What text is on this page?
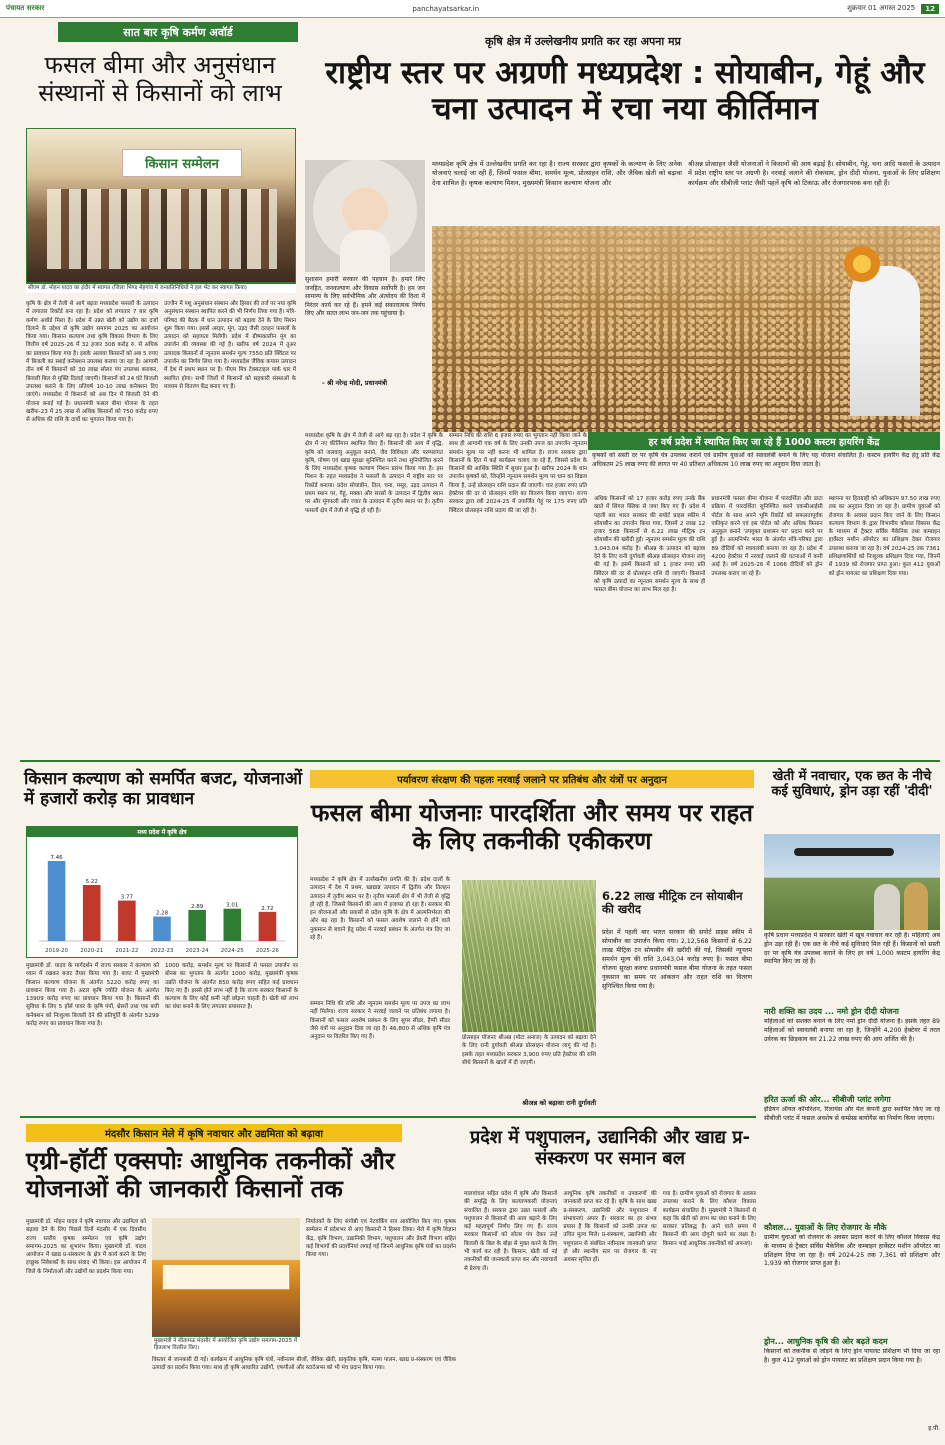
पंचायत सरकार	panchayatsarkar.in	शुक्रवार 01 अगस्त 2025	12
सात बार कृषि कर्मण अवॉर्ड
फसल बीमा और अनुसंधान संस्थानों से किसानों को लाभ
किसान सम्मेलन
सीएम डॉ. मोहन यादव का इंदौर में स्वागत (जिला भिण्ड मेहगांव में जनप्रतिनिधियों ने हल भेंट कर स्वागत किया)
कृषि के क्षेत्र में तेजी से आगे बढ़ता मध्यप्रदेश फसलों के उत्पादन में लगातार रिकॉर्ड बना रहा है। प्रदेश को लगातार 7 बार कृषि कर्मण अवॉर्ड मिला है। प्रदेश में उन्नत खेती को उद्योग का दर्जा दिलाने के उद्देश्य से कृषि उद्योग समागम 2025 का आयोजन किया गया। किसान कल्याण तथा कृषि विकास विभाग के लिए वित्तीय वर्ष 2025-26 में 32 हजार 308 करोड़ रु. से अधिक का प्रावधान किया गया है। इसके अलावा किसानों को अब 5 रुपए में बिजली का स्थाई कनेक्शन उपलब्ध कराया जा रहा है। आगामी तीन वर्ष में किसानों को 30 लाख सोलर पंप उपलब्ध कराकर, बिजली बिल से मुक्ति दिलाई जाएगी। किसानों को 24 घंटे बिजली उपलब्ध कराने के लिए प्रतिवर्ष 10-10 लाख कनेक्शन दिए जाएंगे। मध्यप्रदेश में किसानों को अब दिन में बिजली देने की योजना बनाई गई है। प्रधानमंत्री फसल बीमा योजना के तहत खरीफ-23 में 25 लाख से अधिक किसानों को 750 करोड़ रुपए से अधिक की राशि के दावों का भुगतान किया गया है।
उज्जैन में पशु अनुसंधान संस्थान और हिसार की तर्ज पर नया कृषि अनुसंधान संस्थान स्थापित करने की भी निर्णय लिया गया है। मंत्रि-परिषद की बैठक में धान उत्पादन को बढ़ावा देने के लिए मिशन शुरू किया गया। इससे अरहर, मूंग, उड़द जैसी दलहन फसलों के उत्पादन को सहायता मिलेगी। प्रदेश में ग्रीष्मकालीन मूंग का उपार्जन की व्यवस्था की गई है। खरीफ वर्ष 2024 में तुअर उत्पादक किसानों से न्यूनतम समर्थन मूल्य 7550 प्रति क्विंटल पर उपार्जन का निर्णय लिया गया है। मध्यप्रदेश जैविक कपास उत्पादन में देश में प्रथम स्थान पर है। पीएम मित्र टेक्सटाइल पार्क धार में स्थापित होगा। सभी जिलों में किसानों को सहकारी संस्थाओं के माध्यम से वितरण केंद्र बनाए गए हैं।
कृषि क्षेत्र में उल्लेखनीय प्रगति कर रहा अपना मप्र
राष्ट्रीय स्तर पर अग्रणी मध्यप्रदेश : सोयाबीन, गेहूं और चना उत्पादन में रचा नया कीर्तिमान
मध्यप्रदेश कृषि क्षेत्र में उल्लेखनीय प्रगति कर रहा है। राज्य सरकार द्वारा कृषकों के कल्याण के लिए अनेक योजनाएं चलाई जा रही हैं, जिनमें फसल बीमा, समर्थन मूल्य, प्रोत्साहन राशि, और जैविक खेती को बढ़ावा देना शामिल है। कृषक कल्याण मिशन, मुख्यमंत्री किसान कल्याण योजना और
श्रीअन्न प्रोत्साहन जैसी योजनाओं ने किसानों की आय बढ़ाई है। सोयाबीन, गेहूं, चना आदि फसलों के उत्पादन में प्रदेश राष्ट्रीय स्तर पर अग्रणी है। नरवाई जलाने की रोकथाम, ड्रोन दीदी योजना, युवाओं के लिए प्रशिक्षण कार्यक्रम और सीबीजी प्लांट जैसी पहलें कृषि को टिकाऊ और रोजगारपरक बना रही हैं।
सुशासन हमारी सरकार की पहचान है। हमारे लिए जनहित, जनकल्याण और विकास सर्वोपरि है। हम जन सामान्य के लिए सर्वभौमिक और अंत्योदय की दिशा में निरंतर कार्य कर रहे हैं। हमने कई सकारात्मक निर्णय लिए और सतत लाभ जन-जन तक पहुंचाया है।
- श्री नरेन्द्र मोदी, प्रधानमंत्री
मध्यप्रदेश कृषि के क्षेत्र में तेजी से आगे बढ़ रहा है। प्रदेश ने कृषि के क्षेत्र में नए कीर्तिमान स्थापित किए हैं। किसानों की आय में वृद्धि, कृषि को जलवायु अनुकूल बनाने, जैव विविधता और परम्परागत कृषि, पोषण एवं खाद्य सुरक्षा सुनिश्चित करने तथा सुनियोजित करने के लिए मध्यप्रदेश कृषक कल्याण मिशन प्रारंभ किया गया है। इस मिशन के तहत मध्यप्रदेश ने फसलों के उत्पादन में राष्ट्रीय स्तर पर रिकॉर्ड बनाया। प्रदेश सोयाबीन, तिल, चना, मसूर, उड़द उत्पादन में प्रथम स्थान पर, गेहूं, मक्का और सरसों के उत्पादन में द्वितीय स्थान पर और मूंगफली और ज्वार के उत्पादन में तृतीय स्थान पर है। तृतीय फसलों क्षेत्र में तेजी से वृद्धि हो रही है।
सम्मान निधि की राशि 6 हजार रुपए का भुगतान नहीं किया जाने के साथ ही आगामी एक वर्ष के लिए उनकी उपज का उपार्जन न्यूनतम समर्थन मूल्य पर नहीं करना भी शामिल है। राज्य सरकार द्वारा किसानों के हित में कई कार्यक्रम चलाए जा रहे हैं, जिससे प्रदेश के किसानों की आर्थिक स्थिति में सुधार हुआ है। खरीफ 2024 के धान उपार्जन कृषकों को, जिन्होंने न्यूनतम समर्थन मूल्य पर धान का विक्रय किया है, उन्हें प्रोत्साहन राशि प्रदान की जाएगी। चार हजार रुपए प्रति हेक्टेयर की दर से प्रोत्साहन राशि का वितरण किया जाएगा। राज्य सरकार द्वारा रबी 2024-25 में उपार्जित गेहूं पर 175 रुपए प्रति क्विंटल प्रोत्साहन राशि प्रदाय की जा रही है।
हर वर्ष प्रदेश में स्थापित किए जा रहे हैं 1000 कस्टम हायरिंग केंद्र
कृषकों को सस्ती दर पर कृषि यंत्र उपलब्ध कराने एवं ग्रामीण युवाओं को स्वावलंबी बनाने के लिए यह योजना संचालित है। कस्टम हायरिंग केंद्र हेतु प्रति केंद्र अधिकतम 25 लाख रुपए की लागत पर 40 प्रतिशत अधिकतम 10 लाख रुपए का अनुदान दिया जाता है।
अधिक किसानों को 17 हजार करोड़ रुपए उनके बैंक खाते में सिंगल क्लिक से जमा किए गए हैं। प्रदेश में पहली बार भारत सरकार की सपोर्ट प्राइस स्कीम में सोयाबीन का उपार्जन किया गया, जिसमें 2 लाख 12 हजार 568 किसानों से 6.22 लाख मीट्रिक टन सोयाबीन की खरीदी हुई। न्यूनतम समर्थन मूल्य की राशि 3,043.04 करोड़ है। श्रीअन्न के उत्पादन को बढ़ावा देने के लिए रानी दुर्गावती श्रीअन्न प्रोत्साहन योजना लागू की गई है। इसमें किसानों को 1 हजार रुपए प्रति क्विंटल की दर से प्रोत्साहन राशि दी जाएगी। किसानों को कृषि उत्पादों का न्यूनतम समर्थन मूल्य के साथ ही फसल बीमा योजना का लाभ मिल रहा है।
प्रधानमंत्री फसल बीमा योजना में पारदर्शिता और डाटा प्रक्रिया में पारदर्शिता सुनिश्चित करने एकसीआईसी पोर्टल के साथ अपने भूमि रिकॉर्ड को सफलतापूर्वक एकीकृत करने एवं इस पोर्टल को और अधिक किसान अनुकूल बनाने 'उपयुक्त प्रशासन पर' प्रदान करने पर हुई है। आत्मनिर्भर भारत के अंतर्गत मंत्रि-परिषद द्वारा 89 दीदियों को स्वावलंबी बनाया जा रहा है। प्रदेश में 4200 हेक्टेयर में नरवाई जलाने की घटनाओं में कमी आई है। वर्ष 2025-26 में 1066 दीदियों को ड्रोन उपलब्ध कराए जा रहे हैं।
स्थापना पर हितग्राही को अधिकतम 97.50 लाख रुपए तक का अनुदान दिया जा रहा है। ग्रामीण युवाओं को रोजगार के अवसर प्रदान किए जाने के लिए किसान कल्याण विभाग के द्वारा विभागीय कौशल विकास केंद्र के माध्यम से ट्रैक्टर सर्विस मैकेनिक तथा कम्बाइन हार्वेस्टर मशीन ऑपरेटर का प्रशिक्षण देकर रोजगार उपलब्ध कराया जा रहा है। वर्ष 2024-25 तक 7361 प्रशिक्षणार्थियों को निःशुल्क प्रशिक्षण दिया गया, जिनमें से 1939 को रोजगार प्राप्त हुआ। कुल 412 युवाओं को ड्रोन पायलट का प्रशिक्षण दिया गया।
किसान कल्याण को समर्पित बजट, योजनाओं में हजारों करोड़ का प्रावधान
मध्य प्रदेश में कृषि क्षेत्र
7.46
2019-20
5.22
2020-21
3.77
2021-22
2.28
2022-23
2.89
2023-24
3.01
2024-25
2.72
2025-26
मुख्यमंत्री डॉ. यादव के मार्गदर्शन में राज्य सरकार ने कल्याण को ध्यान में रखकर बजट तैयार किया गया है। बजट में मुख्यमंत्री किसान कल्याण योजना के अंतर्गत 5220 करोड़ रुपए का प्रावधान किया गया है। अटल कृषि ज्योति योजना के अंतर्गत 13909 करोड़ रुपए का प्रावधान किया गया है। किसानों की सुविधा के लिए 5 हॉर्स पावर के कृषि पंपों, थ्रेसरों तथा एक बत्ती कनेक्शन को निःशुल्क बिजली देने की प्रतिपूर्ति के अंतर्गत 5299 करोड़ रुपए का प्रावधान किया गया है।
1000 करोड़, समर्थन मूल्य पर किसानों से फसल उपार्जन पर बोनस का भुगतान के अंतर्गत 1000 करोड़, मुख्यमंत्री कृषक उन्नति योजना के अंतर्गत 850 करोड़ रुपए सहित कई प्रावधान किए गए हैं। इससे होते लाभ नहीं है कि राज्य सरकार किसानों के कल्याण के लिए कोई कमी नहीं छोड़ना चाहती है। खेती को लाभ का धंधा बनाने के लिए लगातार प्रयासरत है।
पर्यावरण संरक्षण की पहलः नरवाई जलाने पर प्रतिबंध और यंत्रों पर अनुदान
फसल बीमा योजनाः पारदर्शिता और समय पर राहत के लिए तकनीकी एकीकरण
मध्यप्रदेश ने कृषि क्षेत्र में उल्लेखनीय प्रगति की है। प्रदेश दालों के उत्पादन में देश में प्रथम, खाद्यान्न उत्पादन में द्वितीय और तिलहन उत्पादन में तृतीय स्थान पर है। तृतीय फसलों क्षेत्र में भी तेजी से वृद्धि हो रही है, जिससे किसानों की आय में इजाफा हो रहा है। सरकार की इन योजनाओं और प्रयासों से प्रदेश कृषि के क्षेत्र में आत्मनिर्भरता की ओर बढ़ रहा है। किसानों को फसल अवशेष जलाने से होने वाले नुकसान से बचाने हेतु प्रदेश में नरवाई प्रबंधन के अंतर्गत यंत्र दिए जा रहे हैं।
सम्मान निधि की राशि और न्यूनतम समर्थन मूल्य पर उपज का लाभ नहीं मिलेगा। राज्य सरकार ने नरवाई जलाने पर प्रतिबंध लगाया है। किसानों को फसल अवशेष प्रबंधन के लिए सुपर सीडर, हैप्पी सीडर जैसे यंत्रों पर अनुदान दिया जा रहा है। 46,800 से अधिक कृषि यंत्र अनुदान पर वितरित किए गए हैं।	प्रोत्साहन योजनाः श्रीअन्न (मोटा अनाज) के उत्पादन को बढ़ावा देने के लिए रानी दुर्गावती श्रीअन्न प्रोत्साहन योजना लागू की गई है। इसके तहत मध्यप्रदेश सरकार 3,900 रुपए प्रति हेक्टेयर की राशि सीधे किसानों के खातों में दी जाएगी।
श्रीअन्न को बढ़ावाः रानी दुर्गावती
6.22 लाख मीट्रिक टन सोयाबीन की खरीद
प्रदेश में पहली बार भारत सरकार की सपोर्ट प्राइस स्कीम में सोयाबीन का उपार्जन किया गया। 2,12,568 किसानों से 6.22 लाख मीट्रिक टन सोयाबीन की खरीदी की गई, जिसकी न्यूनतम समर्थन मूल्य की राशि 3,043.04 करोड़ रुपए है। फसल बीमा योजना सुरक्षा कवचः प्रधानमंत्री फसल बीमा योजना के तहत फसल नुकसान का समय पर आंकलन और राहत राशि का वितरण सुनिश्चित किया गया है।
खेती में नवाचार, एक छत के नीचे कई सुविधाएं, ड्रोन उड़ा रहीं 'दीदी'
कृषि प्रधान मध्यप्रदेश में सरकार खेती में खूब नवाचार कर रही है। महिलाएं अब ड्रोन उड़ा रही हैं। एक छत के नीचे कई सुविधाएं मिल रही हैं। किसानों को सस्ती दर पर कृषि यंत्र उपलब्ध कराने के लिए हर वर्ष 1,000 कस्टम हायरिंग केंद्र स्थापित किए जा रहे हैं।
नारी शक्ति का उदय ... नमो ड्रोन दीदी योजना
महिलाओं को सशक्त बनाने के लिए नमो ड्रोन दीदी योजना है। इसके तहत 89 महिलाओं को स्वावलंबी बनाया जा रहा है, जिन्होंने 4,200 हेक्टेयर में तरल उर्वरक का छिड़काव कर 21.22 लाख रुपए की आय अर्जित की है।
हरित ऊर्जा की ओर... सीबीजी प्लांट लगेगा
इंडियन ऑयल कॉर्पोरेशन, रिलायंस और मेल कंपनी द्वारा स्थापित किए जा रहे सीबीजी प्लांट में फसल अवशेष से कम्प्रेस्ड बायोगैस का निर्माण किया जाएगा।
कौशल... युवाओं के लिए रोजगार के मौके
ग्रामीण युवाओं को रोजगार के अवसर प्रदान करने के लिए कौशल विकास केंद्र के माध्यम से ट्रैक्टर सर्विस मैकेनिक और कम्बाइन हार्वेस्टर मशीन ऑपरेटर का प्रशिक्षण दिया जा रहा है। वर्ष 2024-25 तक 7,361 को प्रशिक्षण और 1,939 को रोजगार प्राप्त हुआ है।
ड्रोन... आधुनिक कृषि की ओर बढ़ते कदम
किसानों को तकनीक से जोड़ने के लिए ड्रोन पायलट प्रशिक्षण भी दिया जा रहा है। कुल 412 युवाओं को ड्रोन पायलट का प्रशिक्षण प्रदान किया गया है।
इ.पी.
मंदसौर किसान मेले में कृषि नवाचार और उद्यमिता को बढ़ावा
एग्री-हॉर्टी एक्सपोः आधुनिक तकनीकों और योजनाओं की जानकारी किसानों तक
मुख्यमंत्री डॉ. मोहन यादव ने कृषि नवाचार और उद्यमिता को बढ़ावा देने के लिए पिछले दिनों मंदसौर में एक दिवसीय राज्य स्तरीय कृषक सम्मेलन एवं कृषि उद्योग समागम-2025 का शुभारंभ किया। मुख्यमंत्री डॉ. यादव आयोजन में खाद्य प्र-संस्करण के क्षेत्र में कार्य करने के लिए इच्छुक निवेशकों के साथ संवाद भी किया। इस आयोजन में जिले के निर्माताओं और उद्योगों का प्रदर्शन किया गया।
मुख्यमंत्री ने सीतामऊ मंदसौर में आयोजित कृषि उद्योग समागम-2025 में हितलाभ वितरित किए।
निर्यातकों के लिए संगोष्ठी एवं नेटवर्किंग सत्र आयोजित किए गए। कृषक सम्मेलन में प्रदेशभर से आए किसानों ने हिस्सा लिया। मेले में कृषि विज्ञान केंद्र, कृषि विभाग, उद्यानिकी विभाग, पशुपालन और डेयरी विभाग सहित कई विभागों की प्रदर्शनियां लगाई गईं जिनमें आधुनिक कृषि यंत्रों का प्रदर्शन किया गया।
विस्तार से जानकारी दी गई। कार्यक्रम में आधुनिक कृषि यंत्रों, नवीनतम बीजों, जैविक खेती, प्राकृतिक कृषि, मत्स्य पालन, खाद्य प्र-संस्करण एवं जैविक उत्पादों का प्रदर्शन किया गया। साथ ही कृषि आधारित उद्योगों, एफपीओ और स्टार्टअप्स को भी मंच प्रदान किया गया।
प्रदेश में पशुपालन, उद्यानिकी और खाद्य प्र-संस्करण पर समान बल
मालवांचल सहित प्रदेश में कृषि और किसानों की समृद्धि के लिए कल्याणकारी योजनाएं संचालित हैं। सरकार द्वारा उन्नत फसलों और पशुपालन से किसानों की आय बढ़ाने के लिए कई महत्वपूर्ण निर्णय लिए गए हैं। राज्य सरकार किसानों को सोलर पंप देकर उन्हें बिजली के बिल के बोझ से मुक्त करने के लिए भी कार्य कर रही है। किसान, खेती को नई तकनीकों की जानकारी प्राप्त कर और नवाचारों से प्रेरणा लें।
आधुनिक कृषि तकनीकों व उपकरणों की जानकारी प्राप्त कर रहे हैं। कृषि के साथ खाद्य प्र-संस्करण, उद्यानिकी और पशुपालन में संभावनाएं अपार हैं। सरकार का हर संभव प्रयास है कि किसानों को उनकी उपज का उचित मूल्य मिले। प्र-संस्करण, उद्यानिकी और पशुपालन से संबंधित नवीनतम जानकारी प्राप्त हो और स्थानीय स्तर पर रोजगार के नए अवसर सृजित हों।
गया है। ग्रामीण युवाओं को रोजगार के अवसर उपलब्ध कराने के लिए कौशल विकास कार्यक्रम संचालित हैं। मुख्यमंत्री ने किसानों से कहा कि खेती को लाभ का धंधा बनाने के लिए सरकार प्रतिबद्ध है। आने वाले समय में किसानों की आय दोगुनी करने का लक्ष्य है। किसान भाई आधुनिक तकनीकों को अपनाएं।
